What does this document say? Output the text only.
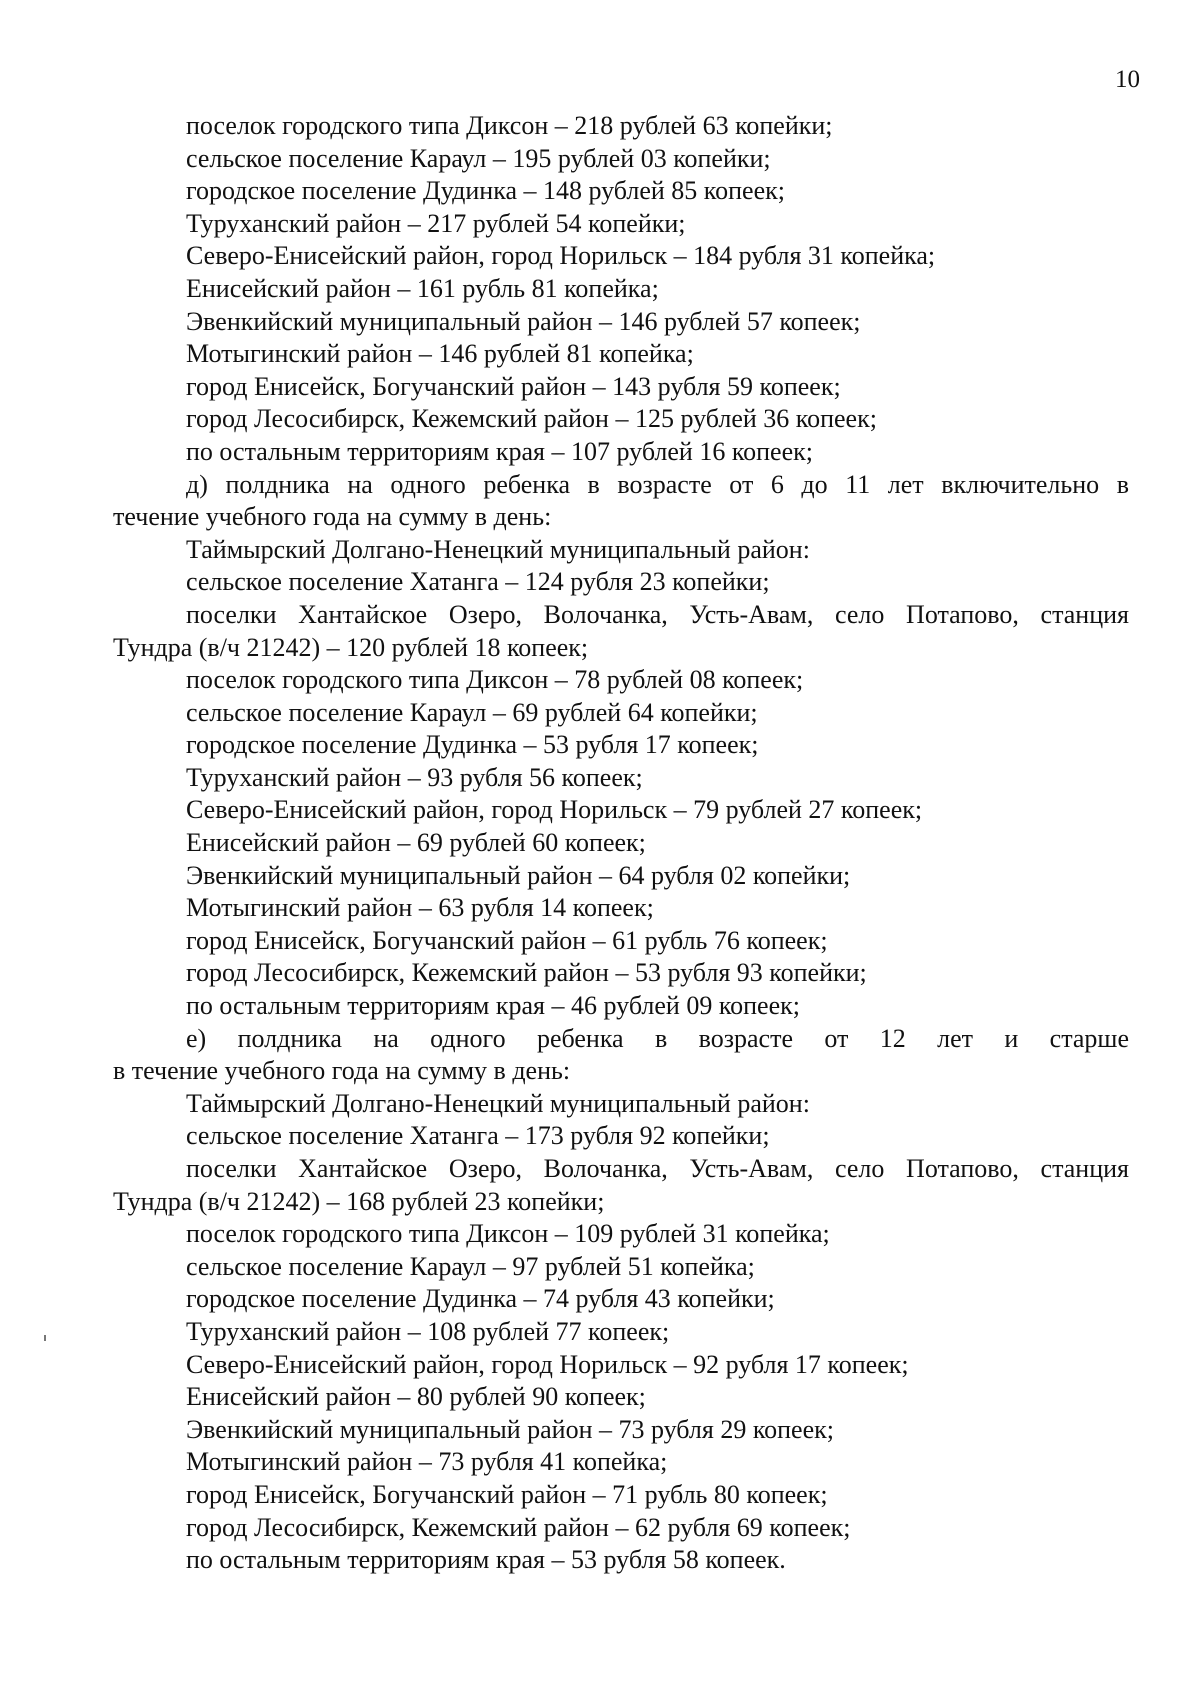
10

поселок городского типа Диксон – 218 рублей 63 копейки;

сельское поселение Караул – 195 рублей 03 копейки;

городское поселение Дудинка – 148 рублей 85 копеек;

Туруханский район – 217 рублей 54 копейки;

Северо-Енисейский район, город Норильск – 184 рубля 31 копейка;

Енисейский район – 161 рубль 81 копейка;

Эвенкийский муниципальный район – 146 рублей 57 копеек;

Мотыгинский район – 146 рублей 81 копейка;

город Енисейск, Богучанский район – 143 рубля 59 копеек;

город Лесосибирск, Кежемский район – 125 рублей 36 копеек;

по остальным территориям края – 107 рублей 16 копеек;

д) полдника на одного ребенка в возрасте от 6 до 11 лет включительно в

течение учебного года на сумму в день:

Таймырский Долгано-Ненецкий муниципальный район:

сельское поселение Хатанга – 124 рубля 23 копейки;

поселки Хантайское Озеро, Волочанка, Усть-Авам, село Потапово, станция

Тундра (в/ч 21242) – 120 рублей 18 копеек;

поселок городского типа Диксон – 78 рублей 08 копеек;

сельское поселение Караул – 69 рублей 64 копейки;

городское поселение Дудинка – 53 рубля 17 копеек;

Туруханский район – 93 рубля 56 копеек;

Северо-Енисейский район, город Норильск – 79 рублей 27 копеек;

Енисейский район – 69 рублей 60 копеек;

Эвенкийский муниципальный район – 64 рубля 02 копейки;

Мотыгинский район – 63 рубля 14 копеек;

город Енисейск, Богучанский район – 61 рубль 76 копеек;

город Лесосибирск, Кежемский район – 53 рубля 93 копейки;

по остальным территориям края – 46 рублей 09 копеек;

е) полдника на одного ребенка в возрасте от 12 лет и старше

в течение учебного года на сумму в день:

Таймырский Долгано-Ненецкий муниципальный район:

сельское поселение Хатанга – 173 рубля 92 копейки;

поселки Хантайское Озеро, Волочанка, Усть-Авам, село Потапово, станция

Тундра (в/ч 21242) – 168 рублей 23 копейки;

поселок городского типа Диксон – 109 рублей 31 копейка;

сельское поселение Караул – 97 рублей 51 копейка;

городское поселение Дудинка – 74 рубля 43 копейки;

Туруханский район – 108 рублей 77 копеек;

Северо-Енисейский район, город Норильск – 92 рубля 17 копеек;

Енисейский район – 80 рублей 90 копеек;

Эвенкийский муниципальный район – 73 рубля 29 копеек;

Мотыгинский район – 73 рубля 41 копейка;

город Енисейск, Богучанский район – 71 рубль 80 копеек;

город Лесосибирск, Кежемский район – 62 рубля 69 копеек;

по остальным территориям края – 53 рубля 58 копеек.
